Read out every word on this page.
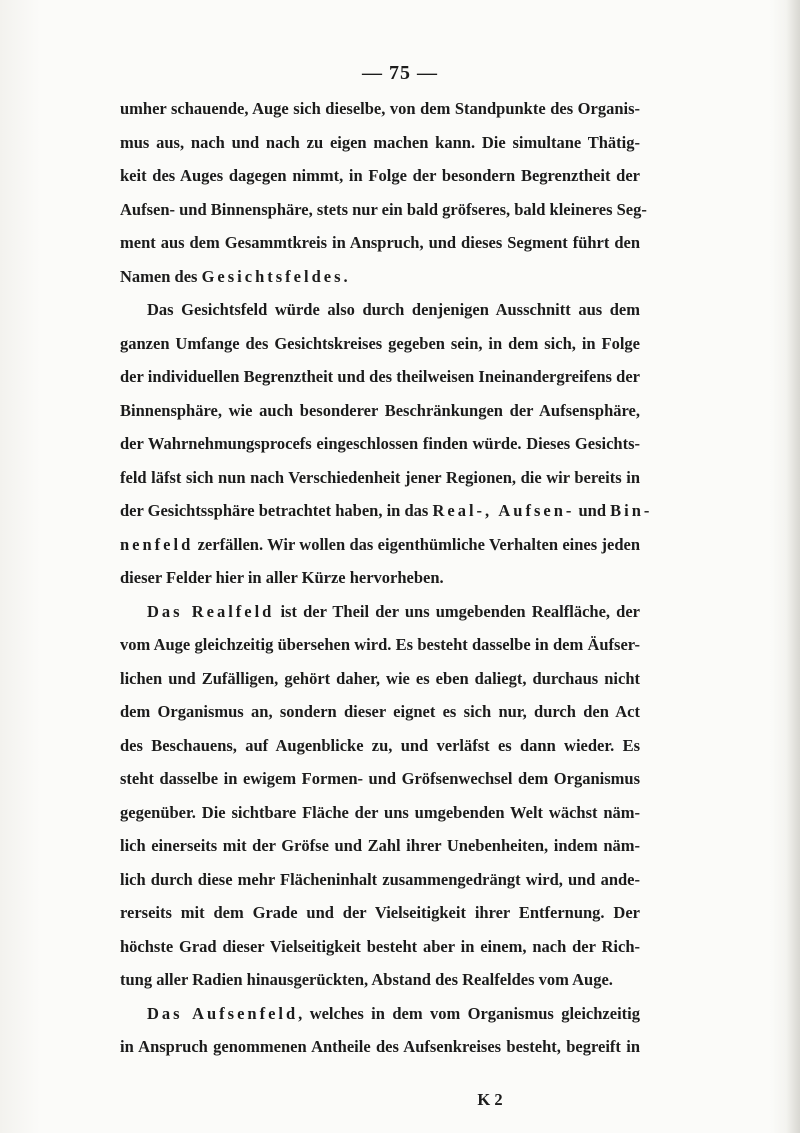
— 75 —
umher schauende, Auge sich dieselbe, von dem Standpunkte des Organis-
mus aus, nach und nach zu eigen machen kann. Die simultane Thätig-
keit des Auges dagegen nimmt, in Folge der besondern Begrenztheit der
Aufsen- und Binnensphäre, stets nur ein bald gröfseres, bald kleineres Seg-
ment aus dem Gesammtkreis in Anspruch, und dieses Segment führt den
Namen des Gesichtsfeldes.
Das Gesichtsfeld würde also durch denjenigen Ausschnitt aus dem
ganzen Umfange des Gesichtskreises gegeben sein, in dem sich, in Folge
der individuellen Begrenztheit und des theilweisen Ineinandergreifens der
Binnensphäre, wie auch besonderer Beschränkungen der Aufsensphäre,
der Wahrnehmungsprocefs eingeschlossen finden würde. Dieses Gesichts-
feld läfst sich nun nach Verschiedenheit jener Regionen, die wir bereits in
der Gesichtssphäre betrachtet haben, in das Real-, Aufsen- und Bin-
nenfeld zerfällen. Wir wollen das eigenthümliche Verhalten eines jeden
dieser Felder hier in aller Kürze hervorheben.
Das Realfeld ist der Theil der uns umgebenden Realfläche, der
vom Auge gleichzeitig übersehen wird. Es besteht dasselbe in dem Äufser-
lichen und Zufälligen, gehört daher, wie es eben daliegt, durchaus nicht
dem Organismus an, sondern dieser eignet es sich nur, durch den Act
des Beschauens, auf Augenblicke zu, und verläfst es dann wieder. Es
steht dasselbe in ewigem Formen- und Gröfsenwechsel dem Organismus
gegenüber. Die sichtbare Fläche der uns umgebenden Welt wächst näm-
lich einerseits mit der Gröfse und Zahl ihrer Unebenheiten, indem näm-
lich durch diese mehr Flächeninhalt zusammengedrängt wird, und ande-
rerseits mit dem Grade und der Vielseitigkeit ihrer Entfernung. Der
höchste Grad dieser Vielseitigkeit besteht aber in einem, nach der Rich-
tung aller Radien hinausgerückten, Abstand des Realfeldes vom Auge.
Das Aufsenfeld, welches in dem vom Organismus gleichzeitig
in Anspruch genommenen Antheile des Aufsenkreises besteht, begreift in
K 2
